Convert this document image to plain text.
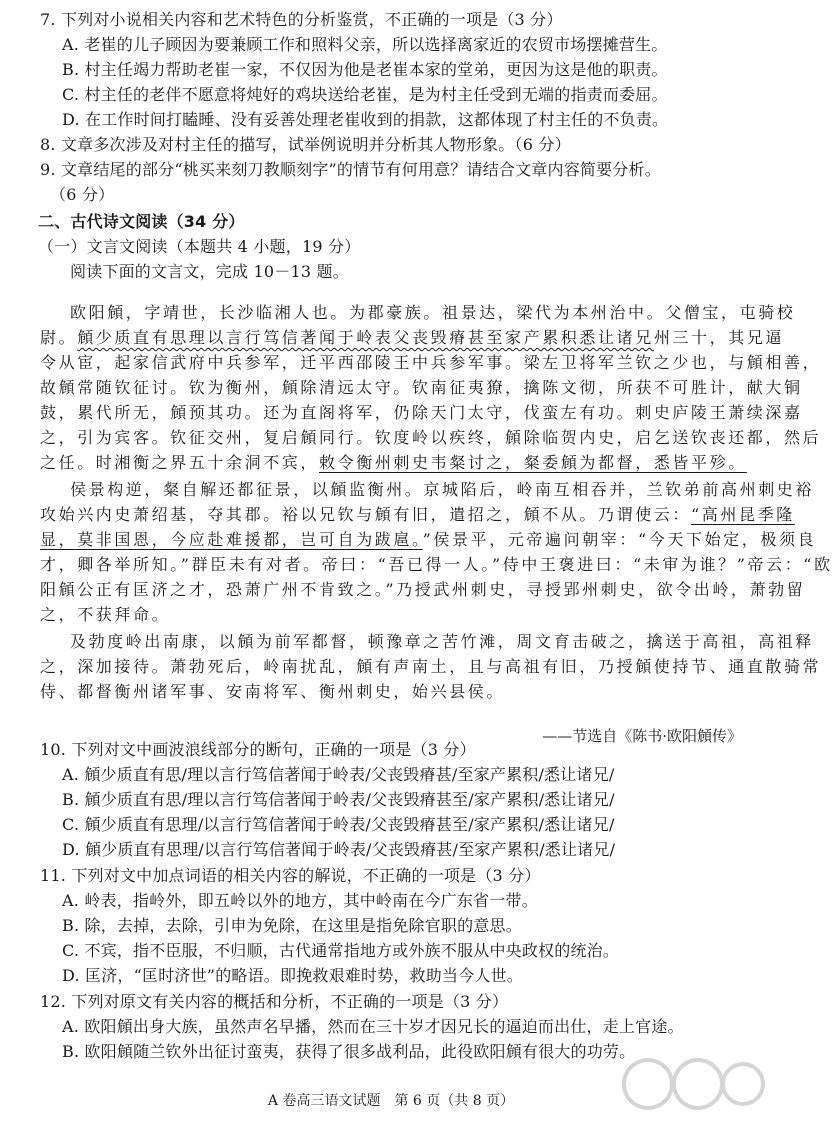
7. 下列对小说相关内容和艺术特色的分析鉴赏，不正确的一项是（3 分）

A. 老崔的儿子顾因为要兼顾工作和照料父亲，所以选择离家近的农贸市场摆摊营生。

B. 村主任竭力帮助老崔一家，不仅因为他是老崔本家的堂弟，更因为这是他的职责。

C. 村主任的老伴不愿意将炖好的鸡块送给老崔，是为村主任受到无端的指责而委屈。

D. 在工作时间打瞌睡、没有妥善处理老崔收到的捐款，这都体现了村主任的不负责。

8. 文章多次涉及对村主任的描写，试举例说明并分析其人物形象。（6 分）

9. 文章结尾的部分“桃买来刻刀教顺刻字”的情节有何用意？请结合文章内容简要分析。

（6 分）

二、古代诗文阅读（34 分）

（一）文言文阅读（本题共 4 小题，19 分）

阅读下面的文言文，完成 10－13 题。

欧阳頠，字靖世，长沙临湘人也。为郡豪族。祖景达，梁代为本州治中。父僧宝，屯骑校

尉。頠少质直有思理以言行笃信著闻于岭表父丧毁瘠甚至家产累积悉让诸兄州三十，其兄逼

令从宦，起家信武府中兵参军，迁平西邵陵王中兵参军事。梁左卫将军兰钦之少也，与頠相善，

故頠常随钦征讨。钦为衡州，頠除清远太守。钦南征夷獠，擒陈文彻，所获不可胜计，献大铜

鼓，累代所无，頠预其功。还为直阁将军，仍除天门太守，伐蛮左有功。刺史庐陵王萧续深嘉

之，引为宾客。钦征交州，复启頠同行。钦度岭以疾终，頠除临贺内史，启乞送钦丧还都，然后

之任。时湘衡之界五十余洞不宾，敕令衡州刺史韦粲讨之，粲委頠为都督，悉皆平殄。

侯景构逆，粲自解还都征景，以頠监衡州。京城陷后，岭南互相吞并，兰钦弟前高州刺史裕

攻始兴内史萧绍基，夺其郡。裕以兄钦与頠有旧，遣招之，頠不从。乃谓使云：“高州昆季隆

显，莫非国恩，今应赴难援都，岂可自为跋扈。”侯景平，元帝遍问朝宰：“今天下始定，极须良

才，卿各举所知。”群臣未有对者。帝曰：“吾已得一人。”侍中王褒进曰：“未审为谁？”帝云：“欧

阳頠公正有匡济之才，恐萧广州不肯致之。”乃授武州刺史，寻授郢州刺史，欲令出岭，萧勃留

之，不获拜命。

及勃度岭出南康，以頠为前军都督，顿豫章之苦竹滩，周文育击破之，擒送于高祖，高祖释

之，深加接待。萧勃死后，岭南扰乱，頠有声南土，且与高祖有旧，乃授頠使持节、通直散骑常

侍、都督衡州诸军事、安南将军、衡州刺史，始兴县侯。

——节选自《陈书·欧阳頠传》

10. 下列对文中画波浪线部分的断句，正确的一项是（3 分）

A. 頠少质直有思/理以言行笃信著闻于岭表/父丧毁瘠甚/至家产累积/悉让诸兄/

B. 頠少质直有思/理以言行笃信著闻于岭表/父丧毁瘠甚至/家产累积/悉让诸兄/

C. 頠少质直有思理/以言行笃信著闻于岭表/父丧毁瘠甚至/家产累积/悉让诸兄/

D. 頠少质直有思理/以言行笃信著闻于岭表/父丧毁瘠甚/至家产累积/悉让诸兄/

11. 下列对文中加点词语的相关内容的解说，不正确的一项是（3 分）

A. 岭表，指岭外，即五岭以外的地方，其中岭南在今广东省一带。

B. 除，去掉，去除，引申为免除，在这里是指免除官职的意思。

C. 不宾，指不臣服，不归顺，古代通常指地方或外族不服从中央政权的统治。

D. 匡济，“匡时济世”的略语。即挽救艰难时势，救助当今人世。

12. 下列对原文有关内容的概括和分析，不正确的一项是（3 分）

A. 欧阳頠出身大族，虽然声名早播，然而在三十岁才因兄长的逼迫而出仕，走上官途。

B. 欧阳頠随兰钦外出征讨蛮夷，获得了很多战利品，此役欧阳頠有很大的功劳。

A 卷高三语文试题　第 6 页（共 8 页）
